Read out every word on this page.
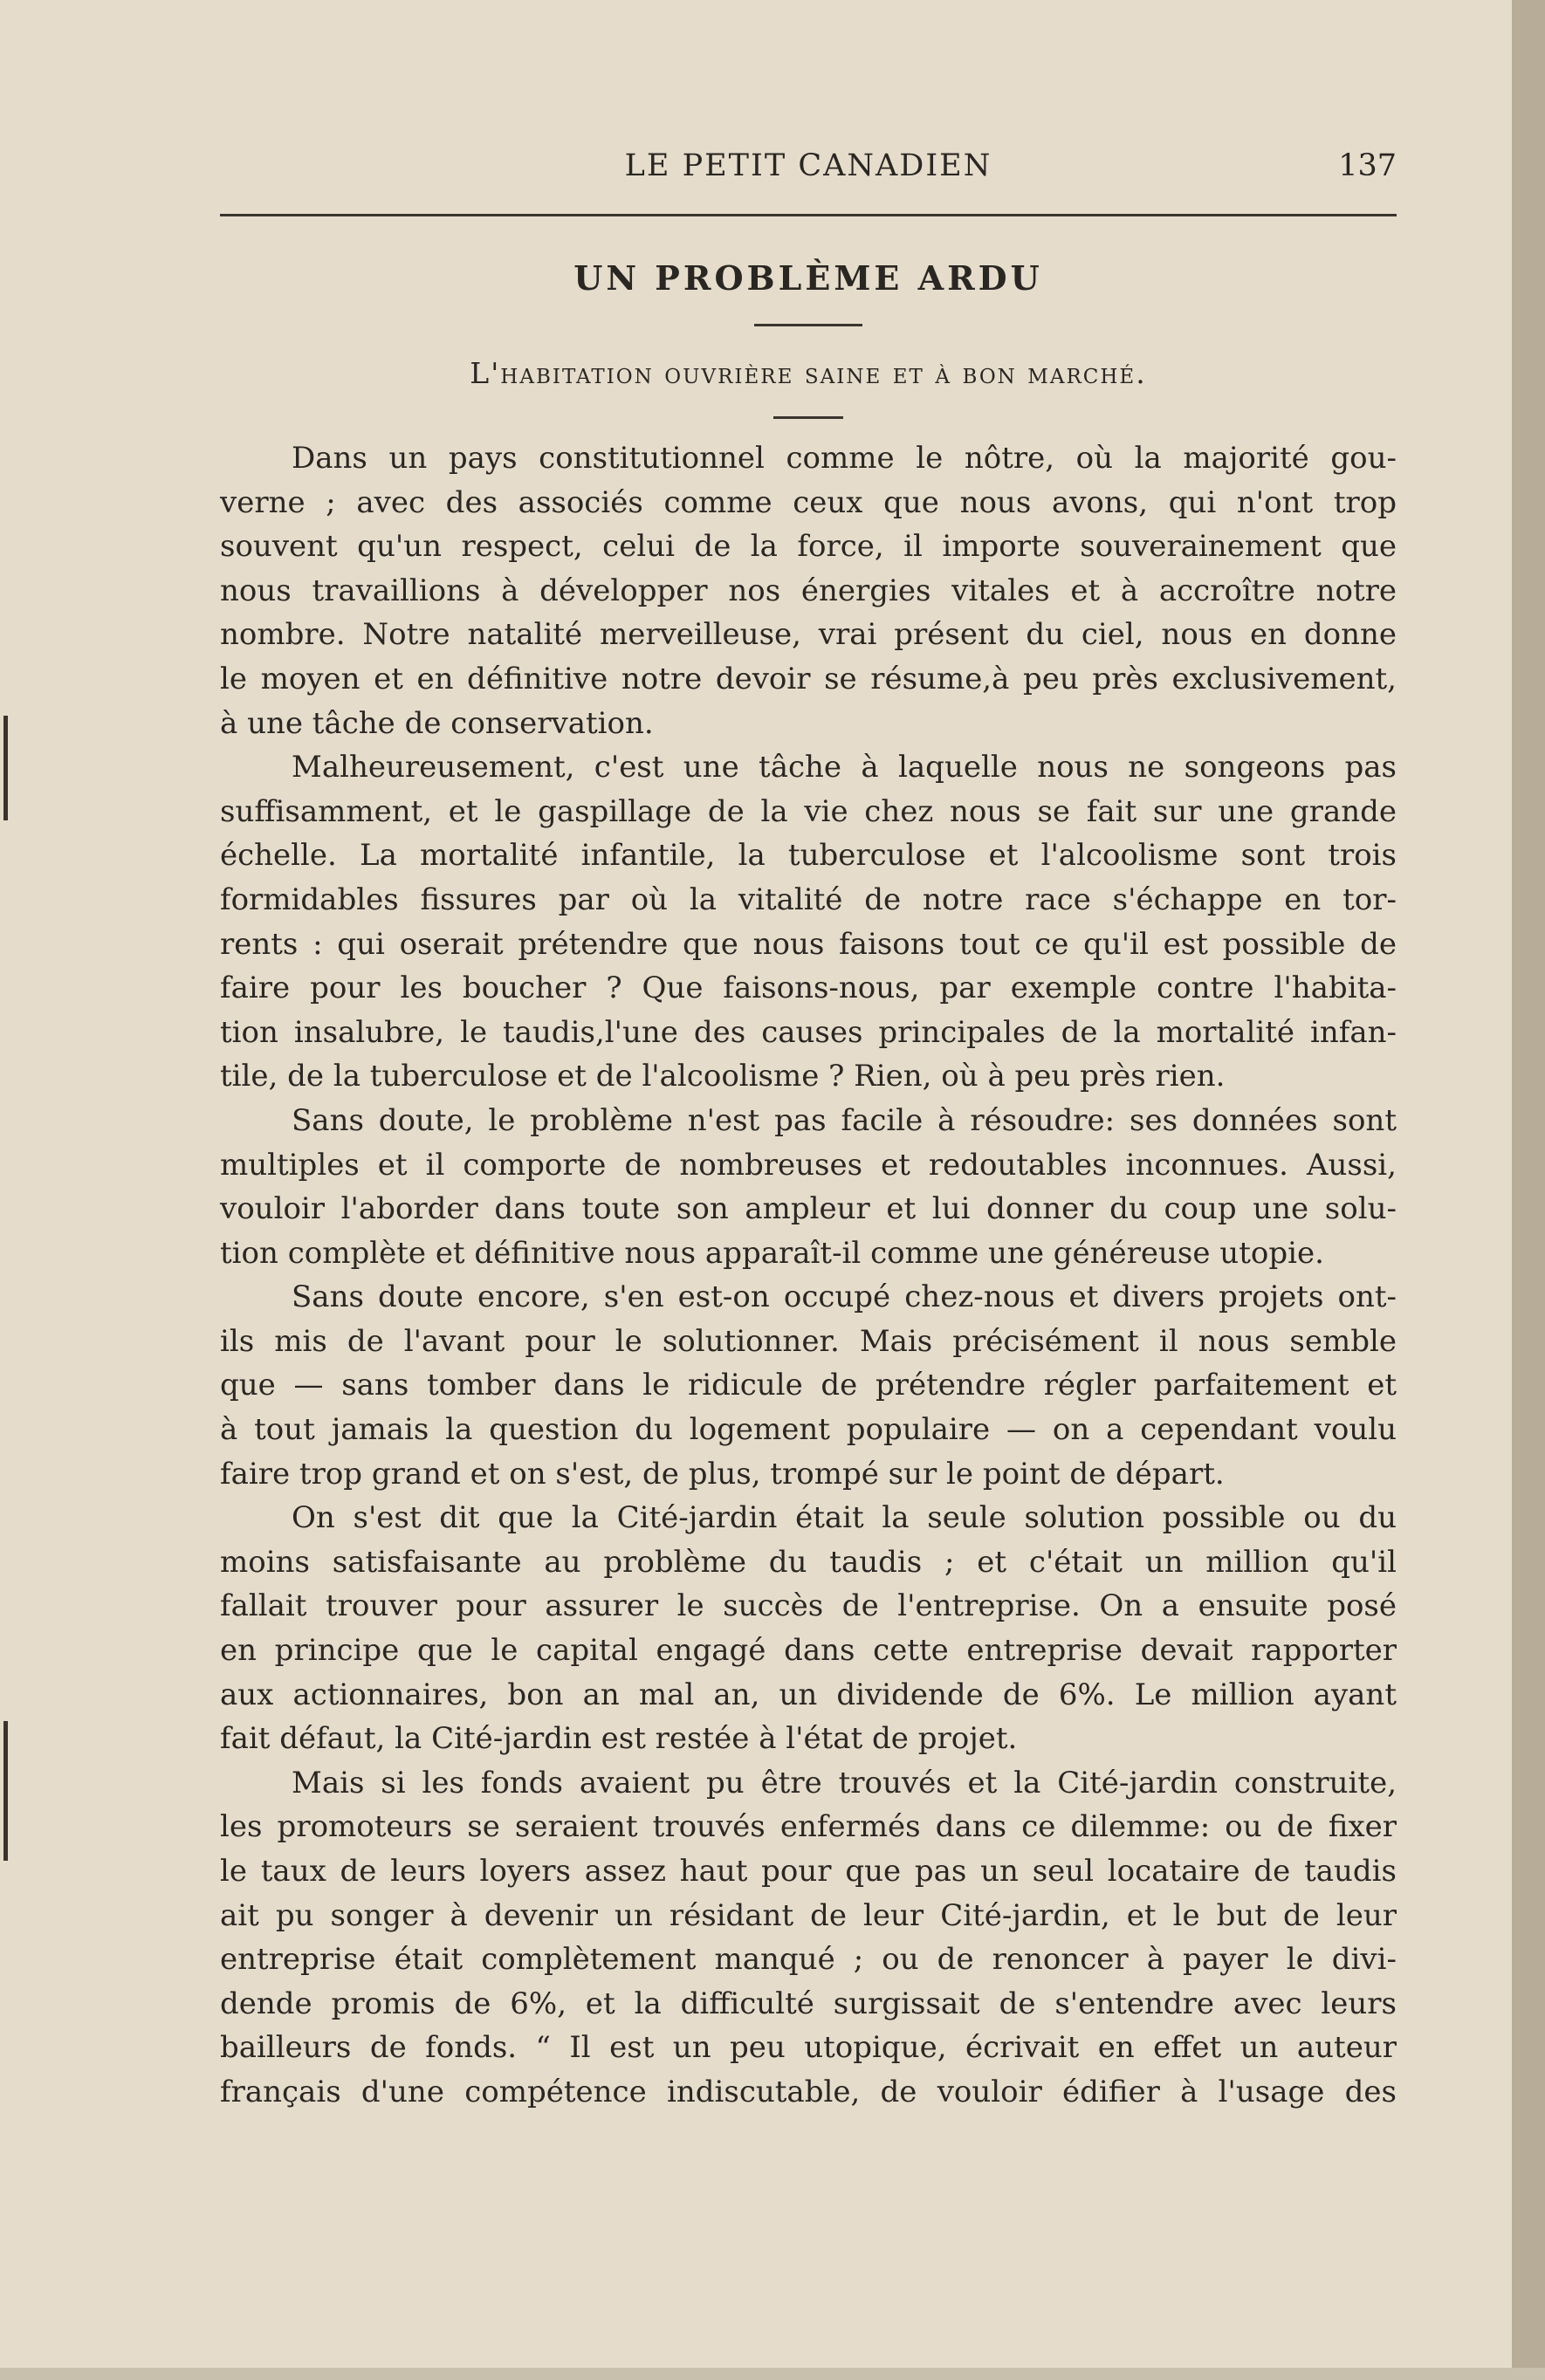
LE PETIT CANADIEN	137
UN PROBLÈME ARDU
L'habitation ouvrière saine et à bon marché.
Dans un pays constitutionnel comme le nôtre, où la majorité gou-
verne ; avec des associés comme ceux que nous avons, qui n'ont trop
souvent qu'un respect, celui de la force, il importe souverainement que
nous travaillions à développer nos énergies vitales et à accroître notre
nombre. Notre natalité merveilleuse, vrai présent du ciel, nous en donne
le moyen et en définitive notre devoir se résume,à peu près exclusivement,
à une tâche de conservation.
Malheureusement, c'est une tâche à laquelle nous ne songeons pas
suffisamment, et le gaspillage de la vie chez nous se fait sur une grande
échelle. La mortalité infantile, la tuberculose et l'alcoolisme sont trois
formidables fissures par où la vitalité de notre race s'échappe en tor-
rents : qui oserait prétendre que nous faisons tout ce qu'il est possible de
faire pour les boucher ? Que faisons-nous, par exemple contre l'habita-
tion insalubre, le taudis,l'une des causes principales de la mortalité infan-
tile, de la tuberculose et de l'alcoolisme ? Rien, où à peu près rien.
Sans doute, le problème n'est pas facile à résoudre: ses données sont
multiples et il comporte de nombreuses et redoutables inconnues. Aussi,
vouloir l'aborder dans toute son ampleur et lui donner du coup une solu-
tion complète et définitive nous apparaît-il comme une généreuse utopie.
Sans doute encore, s'en est-on occupé chez-nous et divers projets ont-
ils mis de l'avant pour le solutionner. Mais précisément il nous semble
que — sans tomber dans le ridicule de prétendre régler parfaitement et
à tout jamais la question du logement populaire — on a cependant voulu
faire trop grand et on s'est, de plus, trompé sur le point de départ.
On s'est dit que la Cité-jardin était la seule solution possible ou du
moins satisfaisante au problème du taudis ; et c'était un million qu'il
fallait trouver pour assurer le succès de l'entreprise. On a ensuite posé
en principe que le capital engagé dans cette entreprise devait rapporter
aux actionnaires, bon an mal an, un dividende de 6%. Le million ayant
fait défaut, la Cité-jardin est restée à l'état de projet.
Mais si les fonds avaient pu être trouvés et la Cité-jardin construite,
les promoteurs se seraient trouvés enfermés dans ce dilemme: ou de fixer
le taux de leurs loyers assez haut pour que pas un seul locataire de taudis
ait pu songer à devenir un résidant de leur Cité-jardin, et le but de leur
entreprise était complètement manqué ; ou de renoncer à payer le divi-
dende promis de 6%, et la difficulté surgissait de s'entendre avec leurs
bailleurs de fonds. “ Il est un peu utopique, écrivait en effet un auteur
français d'une compétence indiscutable, de vouloir édifier à l'usage des
